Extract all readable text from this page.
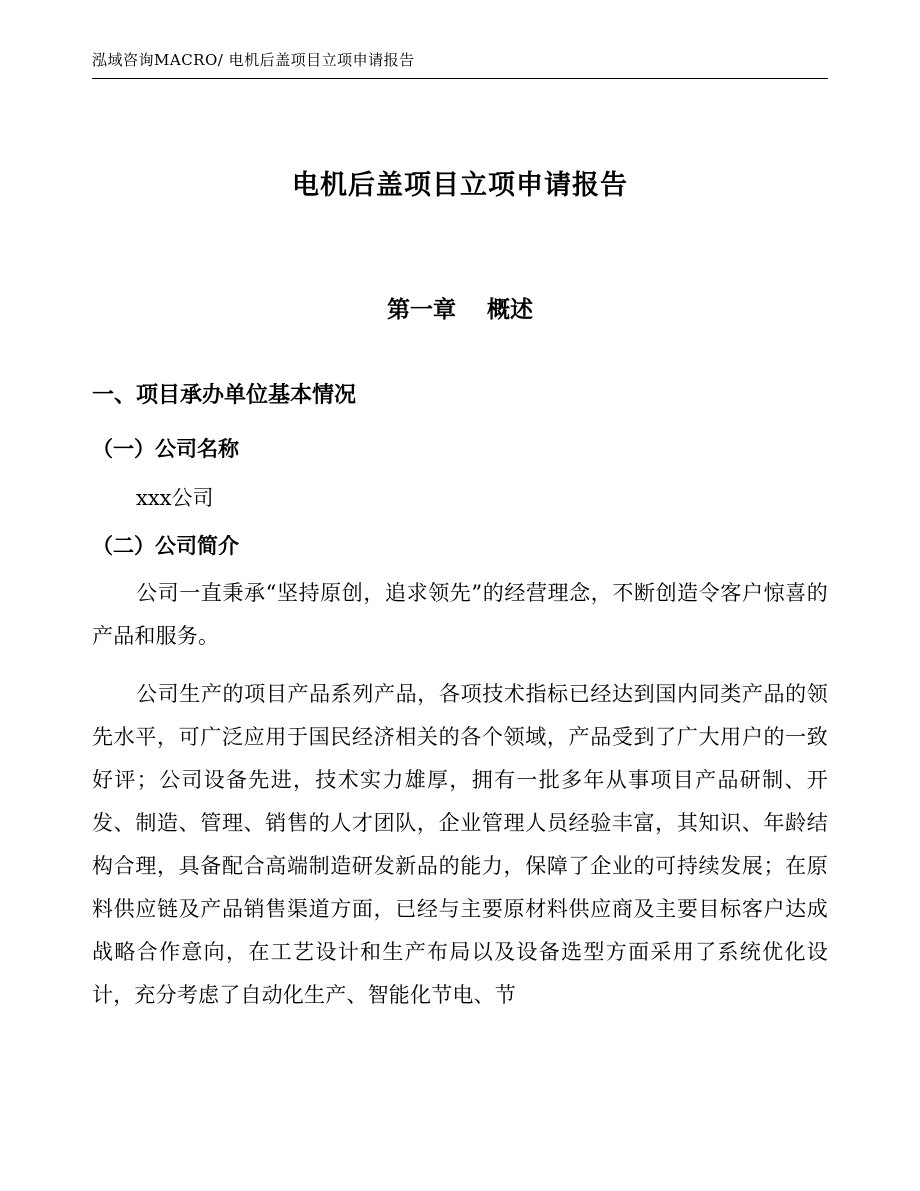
泓域咨询MACRO/ 电机后盖项目立项申请报告
电机后盖项目立项申请报告
第一章　 概述
一、项目承办单位基本情况
（一）公司名称
xxx公司
（二）公司简介

公司一直秉承“坚持原创，追求领先”的经营理念，不断创造令客户惊喜的产品和服务。

公司生产的项目产品系列产品，各项技术指标已经达到国内同类产品的领先水平，可广泛应用于国民经济相关的各个领域，产品受到了广大用户的一致好评；公司设备先进，技术实力雄厚，拥有一批多年从事项目产品研制、开发、制造、管理、销售的人才团队，企业管理人员经验丰富，其知识、年龄结构合理，具备配合高端制造研发新品的能力，保障了企业的可持续发展；在原料供应链及产品销售渠道方面，已经与主要原材料供应商及主要目标客户达成战略合作意向，在工艺设计和生产布局以及设备选型方面采用了系统优化设计，充分考虑了自动化生产、智能化节电、节
